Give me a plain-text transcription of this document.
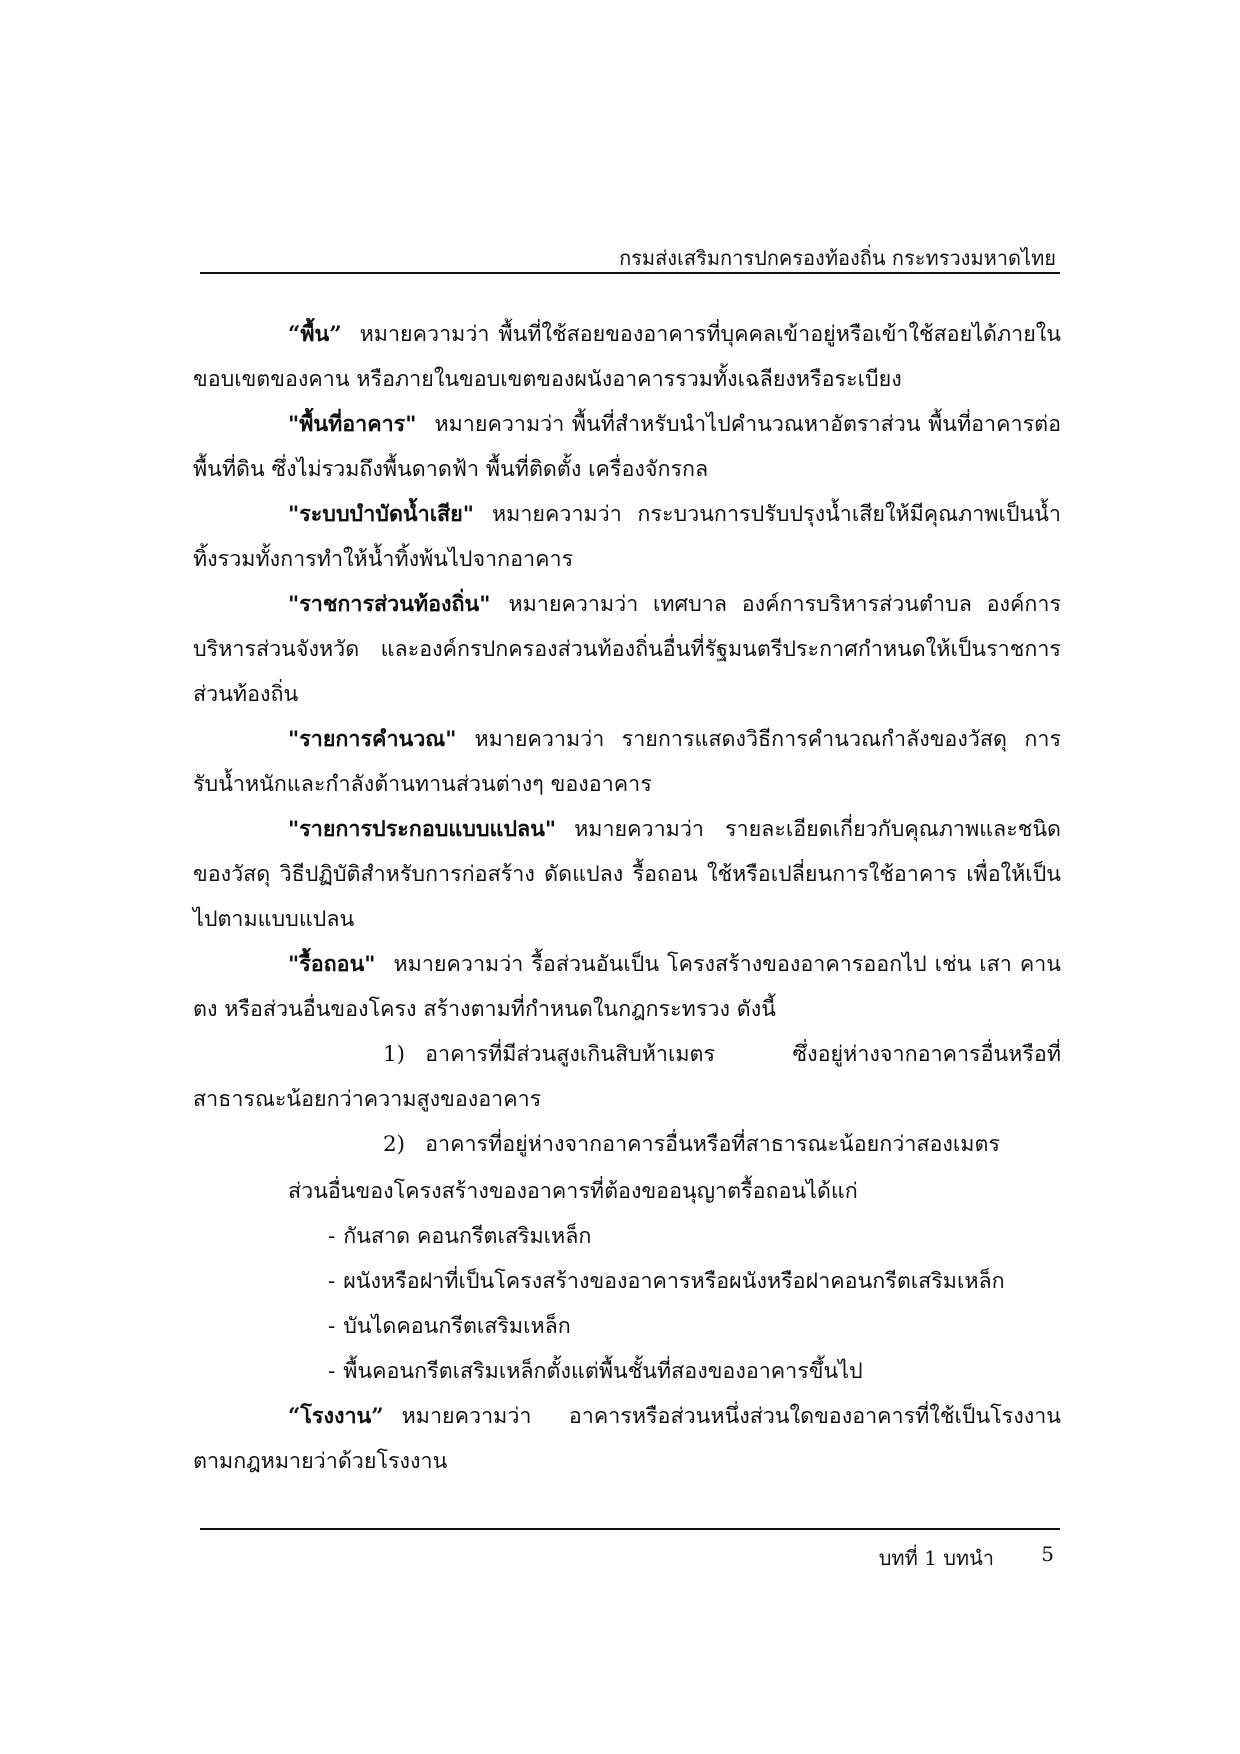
กรมส่งเสริมการปกครองท้องถิ่น กระทรวงมหาดไทย

“พื้น” หมายความว่า พื้นที่ใช้สอยของอาคารที่บุคคลเข้าอยู่หรือเข้าใช้สอยได้ภายในขอบเขตของคาน หรือภายในขอบเขตของผนังอาคารรวมทั้งเฉลียงหรือระเบียง

"พื้นที่อาคาร" หมายความว่า พื้นที่สำหรับนำไปคำนวณหาอัตราส่วน พื้นที่อาคารต่อพื้นที่ดิน ซึ่งไม่รวมถึงพื้นดาดฟ้า พื้นที่ติดตั้ง เครื่องจักรกล

"ระบบบำบัดน้ำเสีย" หมายความว่า กระบวนการปรับปรุงน้ำเสียให้มีคุณภาพเป็นน้ำทิ้งรวมทั้งการทำให้น้ำทิ้งพ้นไปจากอาคาร

"ราชการส่วนท้องถิ่น" หมายความว่า เทศบาล องค์การบริหารส่วนตำบล องค์การบริหารส่วนจังหวัด และองค์กรปกครองส่วนท้องถิ่นอื่นที่รัฐมนตรีประกาศกำหนดให้เป็นราชการส่วนท้องถิ่น

"รายการคำนวณ" หมายความว่า รายการแสดงวิธีการคำนวณกำลังของวัสดุ การรับน้ำหนักและกำลังต้านทานส่วนต่างๆ ของอาคาร

"รายการประกอบแบบแปลน" หมายความว่า รายละเอียดเกี่ยวกับคุณภาพและชนิดของวัสดุ วิธีปฏิบัติสำหรับการก่อสร้าง ดัดแปลง รื้อถอน ใช้หรือเปลี่ยนการใช้อาคาร เพื่อให้เป็นไปตามแบบแปลน

"รื้อถอน" หมายความว่า รื้อส่วนอันเป็น โครงสร้างของอาคารออกไป เช่น เสา คาน ตง หรือส่วนอื่นของโครง สร้างตามที่กำหนดในกฎกระทรวง ดังนี้

1) อาคารที่มีส่วนสูงเกินสิบห้าเมตร ซึ่งอยู่ห่างจากอาคารอื่นหรือที่สาธารณะน้อยกว่าความสูงของอาคาร

2) อาคารที่อยู่ห่างจากอาคารอื่นหรือที่สาธารณะน้อยกว่าสองเมตร

ส่วนอื่นของโครงสร้างของอาคารที่ต้องขออนุญาตรื้อถอนได้แก่

- กันสาด คอนกรีตเสริมเหล็ก
- ผนังหรือฝาที่เป็นโครงสร้างของอาคารหรือผนังหรือฝาคอนกรีตเสริมเหล็ก
- บันไดคอนกรีตเสริมเหล็ก
- พื้นคอนกรีตเสริมเหล็กตั้งแต่พื้นชั้นที่สองของอาคารขึ้นไป

“โรงงาน” หมายความว่า อาคารหรือส่วนหนึ่งส่วนใดของอาคารที่ใช้เป็นโรงงานตามกฎหมายว่าด้วยโรงงาน

บทที่ 1 บทนำ 5
